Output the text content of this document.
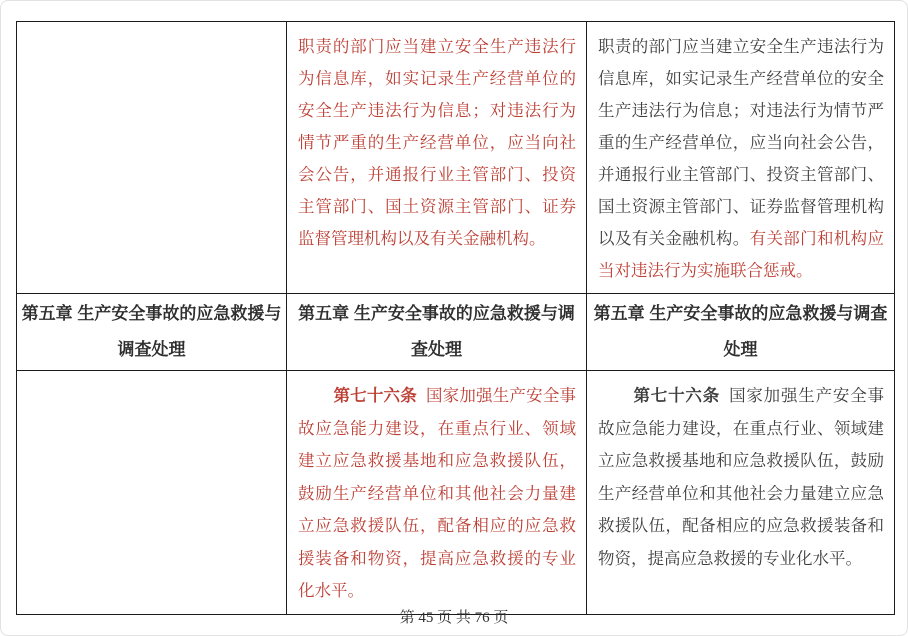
	职责的部门应当建立安全生产违法行为信息库，如实记录生产经营单位的安全生产违法行为信息；对违法行为情节严重的生产经营单位，应当向社会公告，并通报行业主管部门、投资主管部门、国土资源主管部门、证券监督管理机构以及有关金融机构。	职责的部门应当建立安全生产违法行为信息库，如实记录生产经营单位的安全生产违法行为信息；对违法行为情节严重的生产经营单位，应当向社会公告，并通报行业主管部门、投资主管部门、国土资源主管部门、证券监督管理机构以及有关金融机构。有关部门和机构应当对违法行为实施联合惩戒。
第五章 生产安全事故的应急救援与调查处理	第五章 生产安全事故的应急救援与调查处理	第五章 生产安全事故的应急救援与调查处理
	第七十六条 国家加强生产安全事故应急能力建设，在重点行业、领域建立应急救援基地和应急救援队伍，鼓励生产经营单位和其他社会力量建立应急救援队伍，配备相应的应急救援装备和物资，提高应急救援的专业化水平。	第七十六条 国家加强生产安全事故应急能力建设，在重点行业、领域建立应急救援基地和应急救援队伍，鼓励生产经营单位和其他社会力量建立应急救援队伍，配备相应的应急救援装备和物资，提高应急救援的专业化水平。
第 45 页 共 76 页
